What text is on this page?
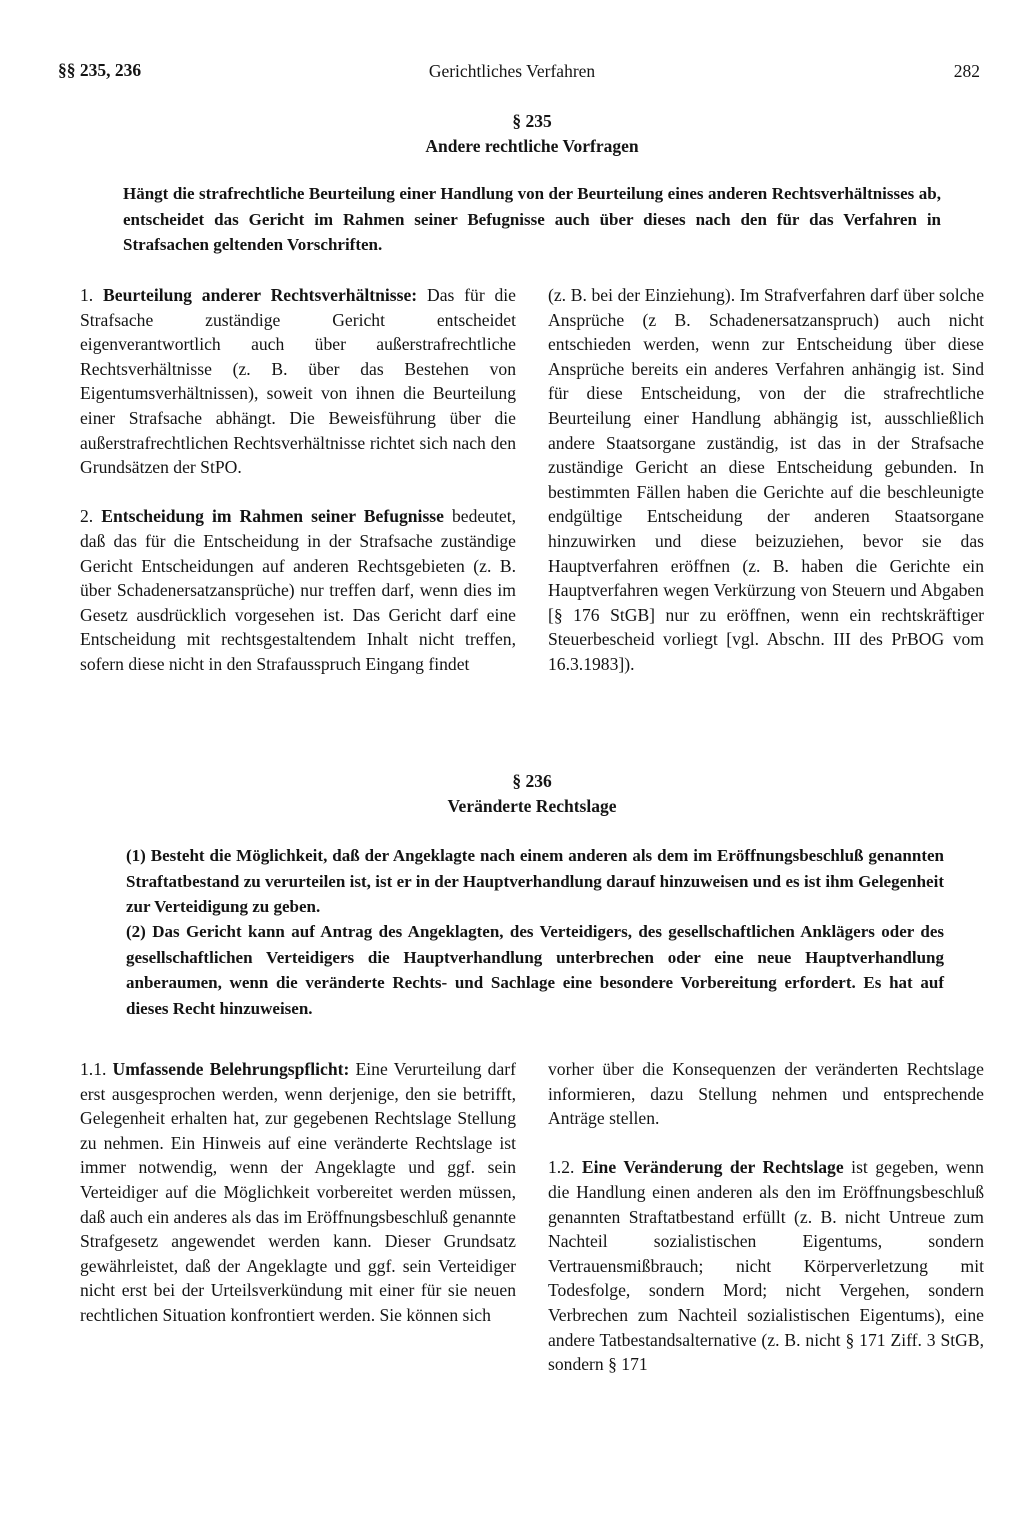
§§ 235, 236	Gerichtliches Verfahren	282
§ 235
Andere rechtliche Vorfragen

Hängt die strafrechtliche Beurteilung einer Handlung von der Beurteilung eines anderen Rechtsverhältnisses ab, entscheidet das Gericht im Rahmen seiner Befugnisse auch über dieses nach den für das Verfahren in Strafsachen geltenden Vorschriften.

1. Beurteilung anderer Rechtsverhältnisse: Das für die Strafsache zuständige Gericht entscheidet eigenverantwortlich auch über außerstrafrechtliche Rechtsverhältnisse (z. B. über das Bestehen von Eigentumsverhältnissen), soweit von ihnen die Beurteilung einer Strafsache abhängt. Die Beweisführung über die außerstrafrechtlichen Rechtsverhältnisse richtet sich nach den Grundsätzen der StPO.

2. Entscheidung im Rahmen seiner Befugnisse bedeutet, daß das für die Entscheidung in der Strafsache zuständige Gericht Entscheidungen auf anderen Rechtsgebieten (z. B. über Schadenersatzansprüche) nur treffen darf, wenn dies im Gesetz ausdrücklich vorgesehen ist. Das Gericht darf eine Entscheidung mit rechtsgestaltendem Inhalt nicht treffen, sofern diese nicht in den Strafausspruch Eingang findet

(z. B. bei der Einziehung). Im Strafverfahren darf über solche Ansprüche (z B. Schadenersatzanspruch) auch nicht entschieden werden, wenn zur Entscheidung über diese Ansprüche bereits ein anderes Verfahren anhängig ist. Sind für diese Entscheidung, von der die strafrechtliche Beurteilung einer Handlung abhängig ist, ausschließlich andere Staatsorgane zuständig, ist das in der Strafsache zuständige Gericht an diese Entscheidung gebunden. In bestimmten Fällen haben die Gerichte auf die beschleunigte endgültige Entscheidung der anderen Staatsorgane hinzuwirken und diese beizuziehen, bevor sie das Hauptverfahren eröffnen (z. B. haben die Gerichte ein Hauptverfahren wegen Verkürzung von Steuern und Abgaben [§ 176 StGB] nur zu eröffnen, wenn ein rechtskräftiger Steuerbescheid vorliegt [vgl. Abschn. III des PrBOG vom 16.3.1983]).

§ 236
Veränderte Rechtslage

(1) Besteht die Möglichkeit, daß der Angeklagte nach einem anderen als dem im Eröffnungsbeschluß genannten Straftatbestand zu verurteilen ist, ist er in der Hauptverhandlung darauf hinzuweisen und es ist ihm Gelegenheit zur Verteidigung zu geben.

(2) Das Gericht kann auf Antrag des Angeklagten, des Verteidigers, des gesellschaftlichen Anklägers oder des gesellschaftlichen Verteidigers die Hauptverhandlung unterbrechen oder eine neue Hauptverhandlung anberaumen, wenn die veränderte Rechts- und Sachlage eine besondere Vorbereitung erfordert. Es hat auf dieses Recht hinzuweisen.

1.1. Umfassende Belehrungspflicht: Eine Verurteilung darf erst ausgesprochen werden, wenn derjenige, den sie betrifft, Gelegenheit erhalten hat, zur gegebenen Rechtslage Stellung zu nehmen. Ein Hinweis auf eine veränderte Rechtslage ist immer notwendig, wenn der Angeklagte und ggf. sein Verteidiger auf die Möglichkeit vorbereitet werden müssen, daß auch ein anderes als das im Eröffnungsbeschluß genannte Strafgesetz angewendet werden kann. Dieser Grundsatz gewährleistet, daß der Angeklagte und ggf. sein Verteidiger nicht erst bei der Urteilsverkündung mit einer für sie neuen rechtlichen Situation konfrontiert werden. Sie können sich

vorher über die Konsequenzen der veränderten Rechtslage informieren, dazu Stellung nehmen und entsprechende Anträge stellen.

1.2. Eine Veränderung der Rechtslage ist gegeben, wenn die Handlung einen anderen als den im Eröffnungsbeschluß genannten Straftatbestand erfüllt (z. B. nicht Untreue zum Nachteil sozialistischen Eigentums, sondern Vertrauensmißbrauch; nicht Körperverletzung mit Todesfolge, sondern Mord; nicht Vergehen, sondern Verbrechen zum Nachteil sozialistischen Eigentums), eine andere Tatbestandsalternative (z. B. nicht § 171 Ziff. 3 StGB, sondern § 171
